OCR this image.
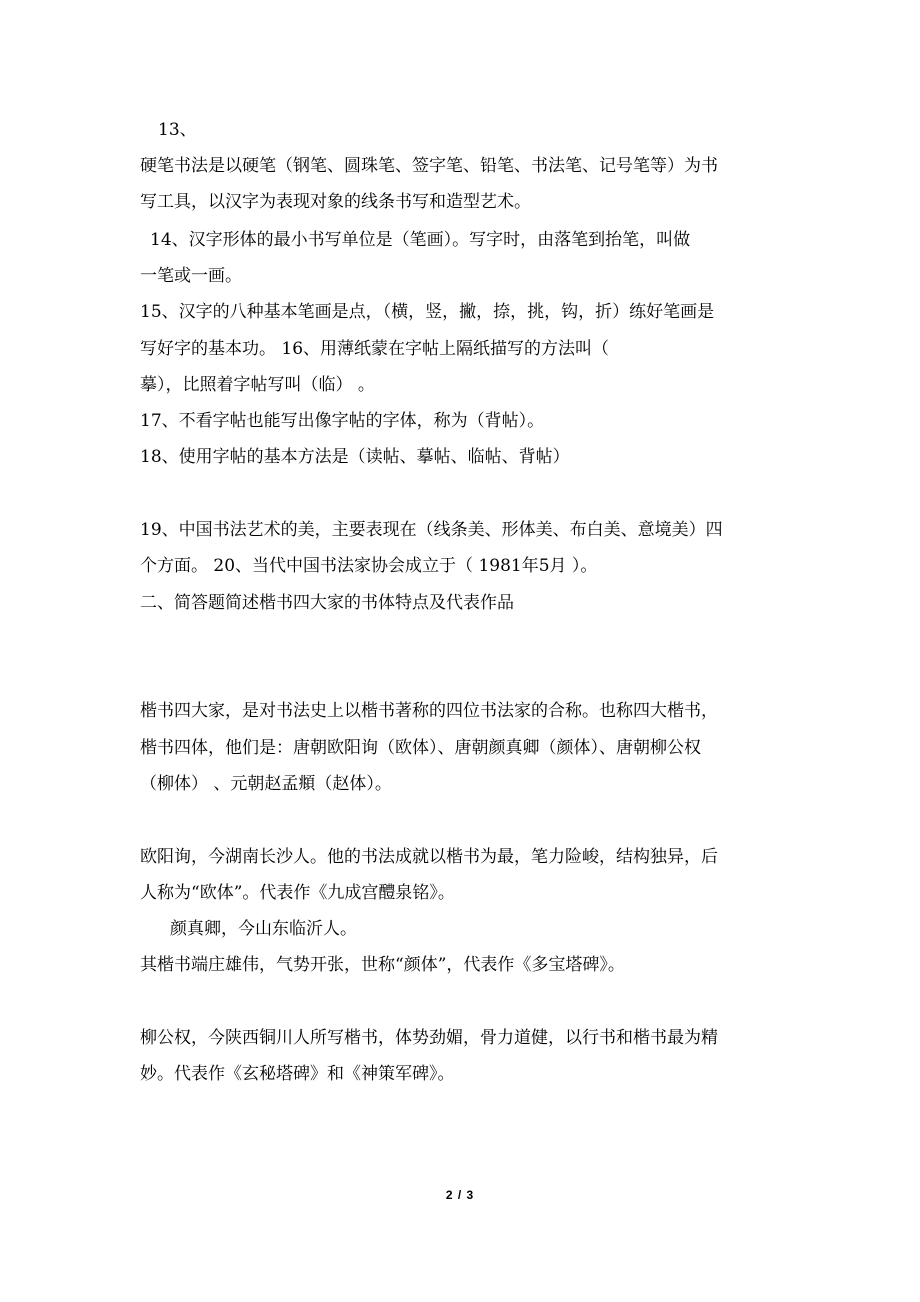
13、
硬笔书法是以硬笔（钢笔、圆珠笔、签字笔、铅笔、书法笔、记号笔等）为书
写工具，以汉字为表现对象的线条书写和造型艺术。
14、汉字形体的最小书写单位是（笔画）。写字时，由落笔到抬笔，叫做
一笔或一画。
15、汉字的八种基本笔画是点，（横，竖，撇，捺，挑，钩，折）练好笔画是
写好字的基本功。 16、用薄纸蒙在字帖上隔纸描写的方法叫（
摹），比照着字帖写叫（临） 。
17、不看字帖也能写出像字帖的字体，称为（背帖）。
18、使用字帖的基本方法是（读帖、摹帖、临帖、背帖）
19、中国书法艺术的美，主要表现在（线条美、形体美、布白美、意境美）四
个方面。 20、当代中国书法家协会成立于（ 1981年5月 ）。
二、简答题简述楷书四大家的书体特点及代表作品
楷书四大家，是对书法史上以楷书著称的四位书法家的合称。也称四大楷书，
楷书四体，他们是：唐朝欧阳询（欧体）、唐朝颜真卿（颜体）、唐朝柳公权
（柳体） 、元朝赵孟頫（赵体）。
欧阳询，今湖南长沙人。他的书法成就以楷书为最，笔力险峻，结构独异，后
人称为“欧体”。代表作《九成宫醴泉铭》。
颜真卿，今山东临沂人。
其楷书端庄雄伟，气势开张，世称“颜体”，代表作《多宝塔碑》。
柳公权，今陕西铜川人所写楷书，体势劲媚，骨力道健，以行书和楷书最为精
妙。代表作《玄秘塔碑》和《神策军碑》。
2 / 3
